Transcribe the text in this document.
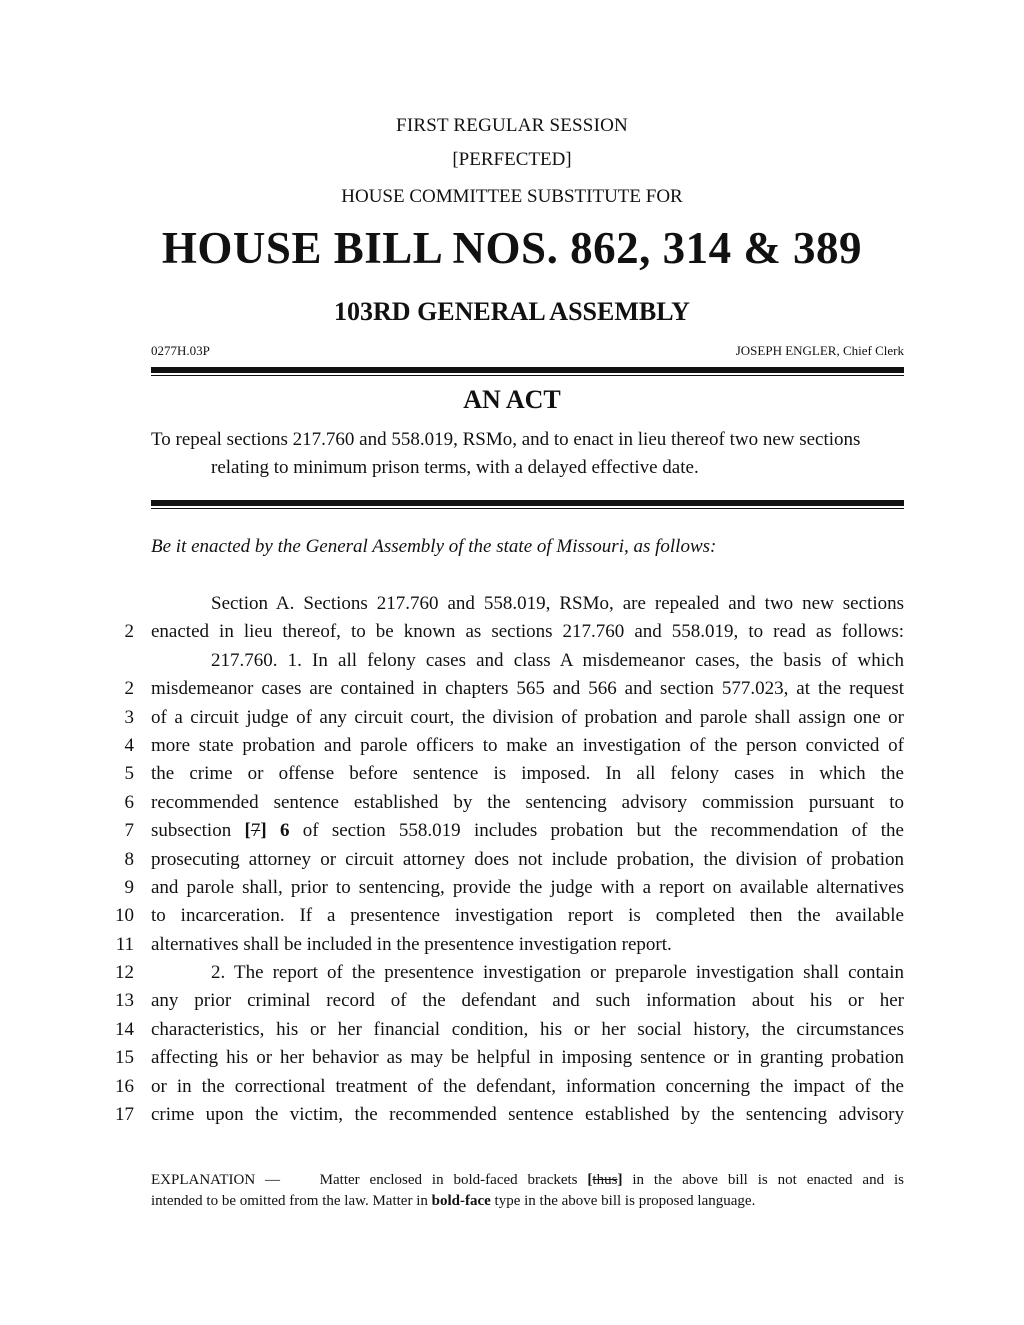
FIRST REGULAR SESSION
[PERFECTED]
HOUSE COMMITTEE SUBSTITUTE FOR
HOUSE BILL NOS. 862, 314 & 389
103RD GENERAL ASSEMBLY
0277H.03P	JOSEPH ENGLER, Chief Clerk
AN ACT
To repeal sections 217.760 and 558.019, RSMo, and to enact in lieu thereof two new sections
relating to minimum prison terms, with a delayed effective date.
Be it enacted by the General Assembly of the state of Missouri, as follows:
Section A. Sections 217.760 and 558.019, RSMo, are repealed and two new sections
2 enacted in lieu thereof, to be known as sections 217.760 and 558.019, to read as follows:
217.760. 1. In all felony cases and class A misdemeanor cases, the basis of which
2 misdemeanor cases are contained in chapters 565 and 566 and section 577.023, at the request
3 of a circuit judge of any circuit court, the division of probation and parole shall assign one or
4 more state probation and parole officers to make an investigation of the person convicted of
5 the crime or offense before sentence is imposed. In all felony cases in which the
6 recommended sentence established by the sentencing advisory commission pursuant to
7 subsection [7] 6 of section 558.019 includes probation but the recommendation of the
8 prosecuting attorney or circuit attorney does not include probation, the division of probation
9 and parole shall, prior to sentencing, provide the judge with a report on available alternatives
10 to incarceration. If a presentence investigation report is completed then the available
11 alternatives shall be included in the presentence investigation report.
12	2. The report of the presentence investigation or preparole investigation shall contain
13 any prior criminal record of the defendant and such information about his or her
14 characteristics, his or her financial condition, his or her social history, the circumstances
15 affecting his or her behavior as may be helpful in imposing sentence or in granting probation
16 or in the correctional treatment of the defendant, information concerning the impact of the
17 crime upon the victim, the recommended sentence established by the sentencing advisory
EXPLANATION —	Matter enclosed in bold-faced brackets [thus] in the above bill is not enacted and is
intended to be omitted from the law. Matter in bold-face type in the above bill is proposed language.
